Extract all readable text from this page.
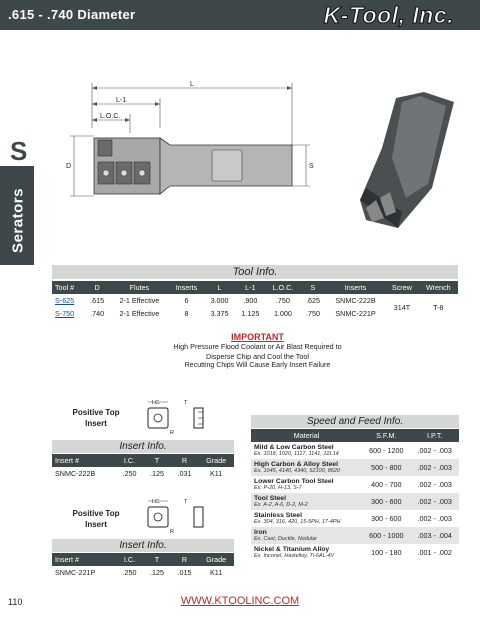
.615 - .740 Diameter	K-Tool, Inc.
S
Serators
L
L-1
L.O.C.
D	S
Tool Info.
Tool #	D	Flutes	Inserts	L	L-1	L.O.C.	S	Inserts	Screw	Wrench
S-625	.615	2-1 Effective	6	3.000	.900	.750	.625	SNMC-222B	314T	T-8
S-750	.740	2-1 Effective	8	3.375	1.125	1.000	.750	SNMC-221P		
IMPORTANT
High Pressure Flood Coolant or Air Blast Required to
Disperse Chip and Cool the Tool
Recutting Chips Will Cause Early Insert Failure
Positive Top
Insert
I.C.
R
T
Insert Info.
Insert #	I.C.	T	R	Grade
SNMC-222B	.250	.125	.031	K11
Positive Top
Insert
I.C.
R
T
Insert Info.
Insert #	I.C.	T	R	Grade
SNMC-221P	.250	.125	.015	K11
Speed and Feed Info.
Material	S.F.M.	I.P.T.

Mild & Low Carbon Steel
Ex. 1018, 1020, 1117, 1141, 12L14	600 - 1200	.002 - .003

High Carbon & Alloy Steel
Ex. 1045, 4140, 4340, 52100, 8620	500 - 800	.002 - .003

Lower Carbon Tool Steel
Ex. P-20, H-13, S-7	400 - 700	.002 - .003

Tool Steel
Ex. A-2, A-6, D-2, M-2	300 - 600	.002 - .003

Stainless Steel
Ex. 304, 316, 420, 15-5PH, 17-4PH	300 - 600	.002 - .003

Iron
Ex. Cast, Ductile, Nodular	600 - 1000	.003 - .004

Nickel & Titanium Alloy
Ex. Inconel, Hastelloy, Ti-6AL-4V	100 - 180	.001 - .002
110	WWW.KTOOLINC.COM
